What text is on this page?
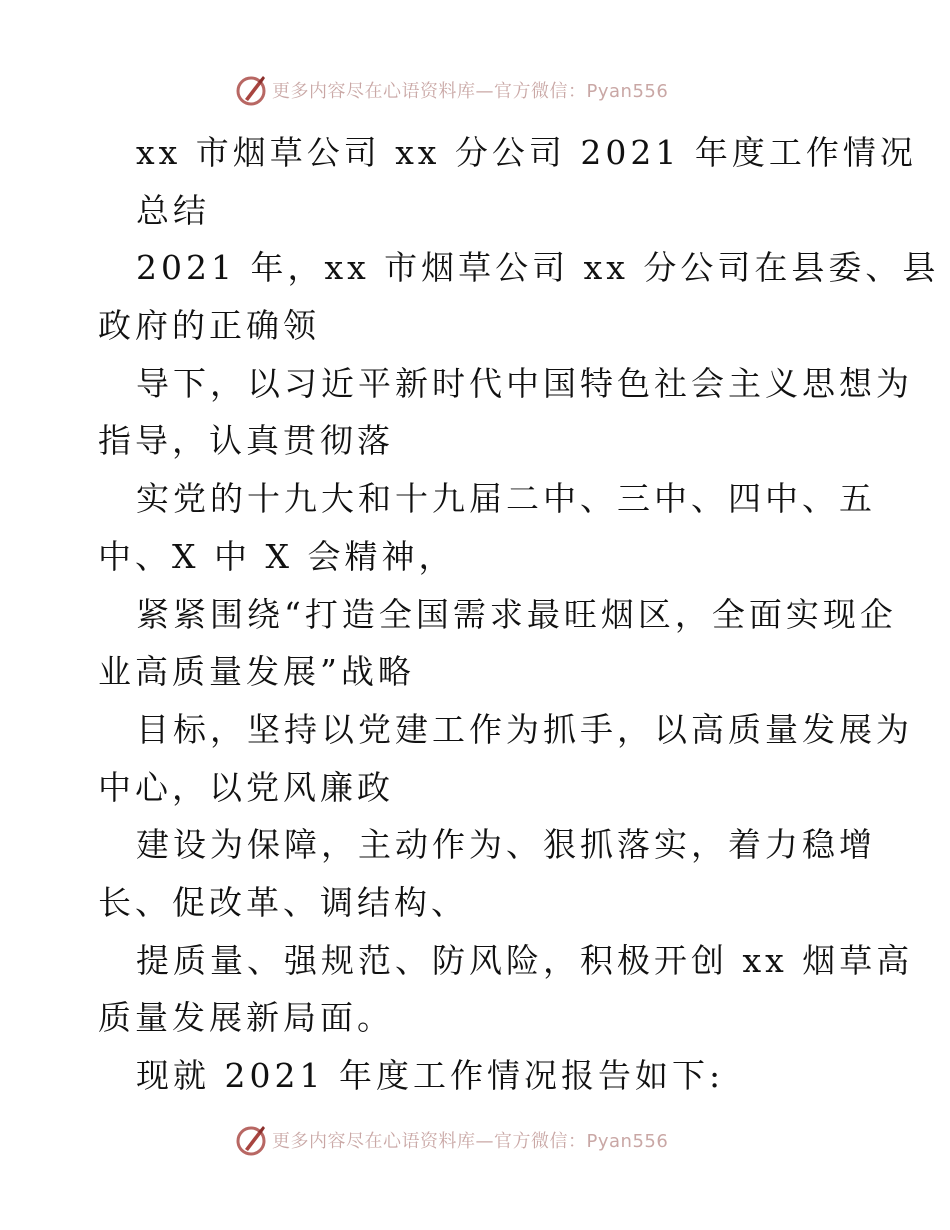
更多内容尽在心语资料库—官方微信：Pyan556
xx 市烟草公司 xx 分公司 2021 年度工作情况
总结
2021 年，xx 市烟草公司 xx 分公司在县委、县
政府的正确领
导下，以习近平新时代中国特色社会主义思想为
指导，认真贯彻落
实党的十九大和十九届二中、三中、四中、五
中、X 中 X 会精神，
紧紧围绕“打造全国需求最旺烟区，全面实现企
业高质量发展”战略
目标，坚持以党建工作为抓手，以高质量发展为
中心，以党风廉政
建设为保障，主动作为、狠抓落实，着力稳增
长、促改革、调结构、
提质量、强规范、防风险，积极开创 xx 烟草高
质量发展新局面。
现就 2021 年度工作情况报告如下:
更多内容尽在心语资料库—官方微信：Pyan556
